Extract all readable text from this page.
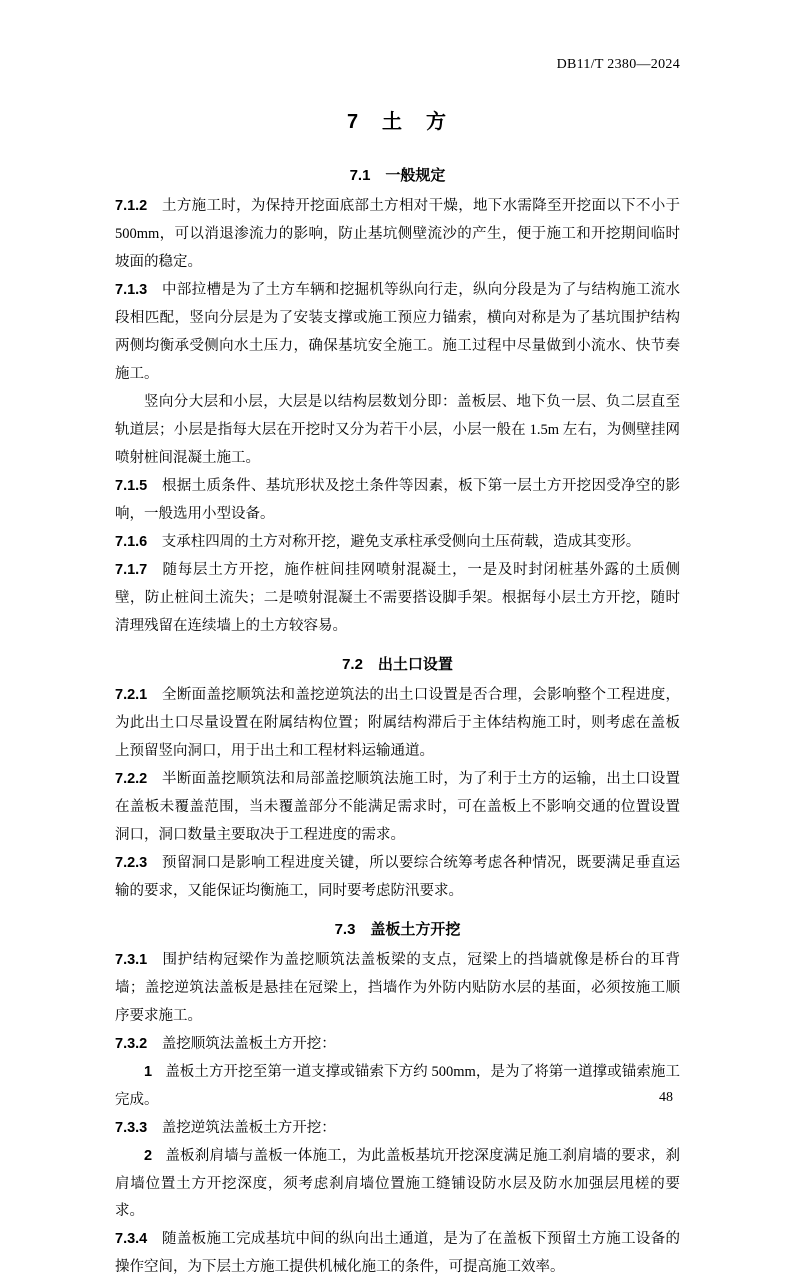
DB11/T 2380—2024
7　土　方
7.1　一般规定

7.1.2 土方施工时，为保持开挖面底部土方相对干燥，地下水需降至开挖面以下不小于 500mm，可以消退渗流力的影响，防止基坑侧壁流沙的产生，便于施工和开挖期间临时坡面的稳定。

7.1.3 中部拉槽是为了土方车辆和挖掘机等纵向行走，纵向分段是为了与结构施工流水段相匹配，竖向分层是为了安装支撑或施工预应力锚索，横向对称是为了基坑围护结构两侧均衡承受侧向水土压力，确保基坑安全施工。施工过程中尽量做到小流水、快节奏施工。

竖向分大层和小层，大层是以结构层数划分即：盖板层、地下负一层、负二层直至轨道层；小层是指每大层在开挖时又分为若干小层，小层一般在 1.5m 左右，为侧壁挂网喷射桩间混凝土施工。

7.1.5 根据土质条件、基坑形状及挖土条件等因素，板下第一层土方开挖因受净空的影响，一般选用小型设备。

7.1.6 支承柱四周的土方对称开挖，避免支承柱承受侧向土压荷载，造成其变形。

7.1.7 随每层土方开挖，施作桩间挂网喷射混凝土，一是及时封闭桩基外露的土质侧壁，防止桩间土流失；二是喷射混凝土不需要搭设脚手架。根据每小层土方开挖，随时清理残留在连续墙上的土方较容易。

7.2　出土口设置

7.2.1 全断面盖挖顺筑法和盖挖逆筑法的出土口设置是否合理，会影响整个工程进度，为此出土口尽量设置在附属结构位置；附属结构滞后于主体结构施工时，则考虑在盖板上预留竖向洞口，用于出土和工程材料运输通道。

7.2.2 半断面盖挖顺筑法和局部盖挖顺筑法施工时，为了利于土方的运输，出土口设置在盖板未覆盖范围，当未覆盖部分不能满足需求时，可在盖板上不影响交通的位置设置洞口，洞口数量主要取决于工程进度的需求。

7.2.3 预留洞口是影响工程进度关键，所以要综合统筹考虑各种情况，既要满足垂直运输的要求，又能保证均衡施工，同时要考虑防汛要求。

7.3　盖板土方开挖

7.3.1 围护结构冠梁作为盖挖顺筑法盖板梁的支点，冠梁上的挡墙就像是桥台的耳背墙；盖挖逆筑法盖板是悬挂在冠梁上，挡墙作为外防内贴防水层的基面，必须按施工顺序要求施工。

7.3.2 盖挖顺筑法盖板土方开挖：

1 盖板土方开挖至第一道支撑或锚索下方约 500mm，是为了将第一道撑或锚索施工完成。

7.3.3 盖挖逆筑法盖板土方开挖：

2 盖板刹肩墙与盖板一体施工，为此盖板基坑开挖深度满足施工刹肩墙的要求，刹肩墙位置土方开挖深度，须考虑刹肩墙位置施工缝铺设防水层及防水加强层甩槎的要求。

7.3.4 随盖板施工完成基坑中间的纵向出土通道，是为了在盖板下预留土方施工设备的操作空间，为下层土方施工提供机械化施工的条件，可提高施工效率。

48
